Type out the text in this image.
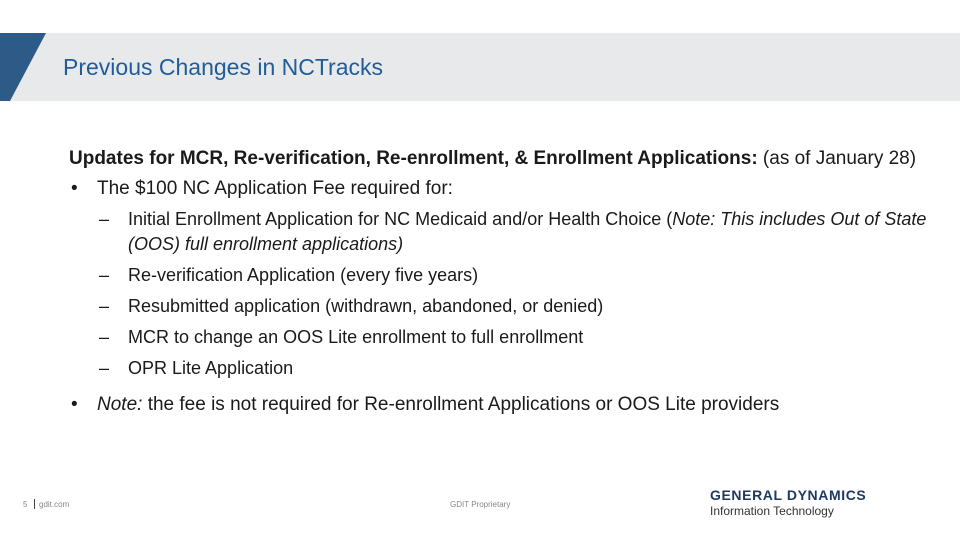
Previous Changes in NCTracks
Updates for MCR, Re-verification, Re-enrollment, & Enrollment Applications: (as of January 28)
• The $100 NC Application Fee required for:
– Initial Enrollment Application for NC Medicaid and/or Health Choice (Note: This includes Out of State (OOS) full enrollment applications)
– Re-verification Application (every five years)
– Resubmitted application (withdrawn, abandoned, or denied)
– MCR to change an OOS Lite enrollment to full enrollment
– OPR Lite Application
• Note: the fee is not required for Re-enrollment Applications or OOS Lite providers
5 gdit.com	GDIT Proprietary
GENERAL DYNAMICS
Information Technology
